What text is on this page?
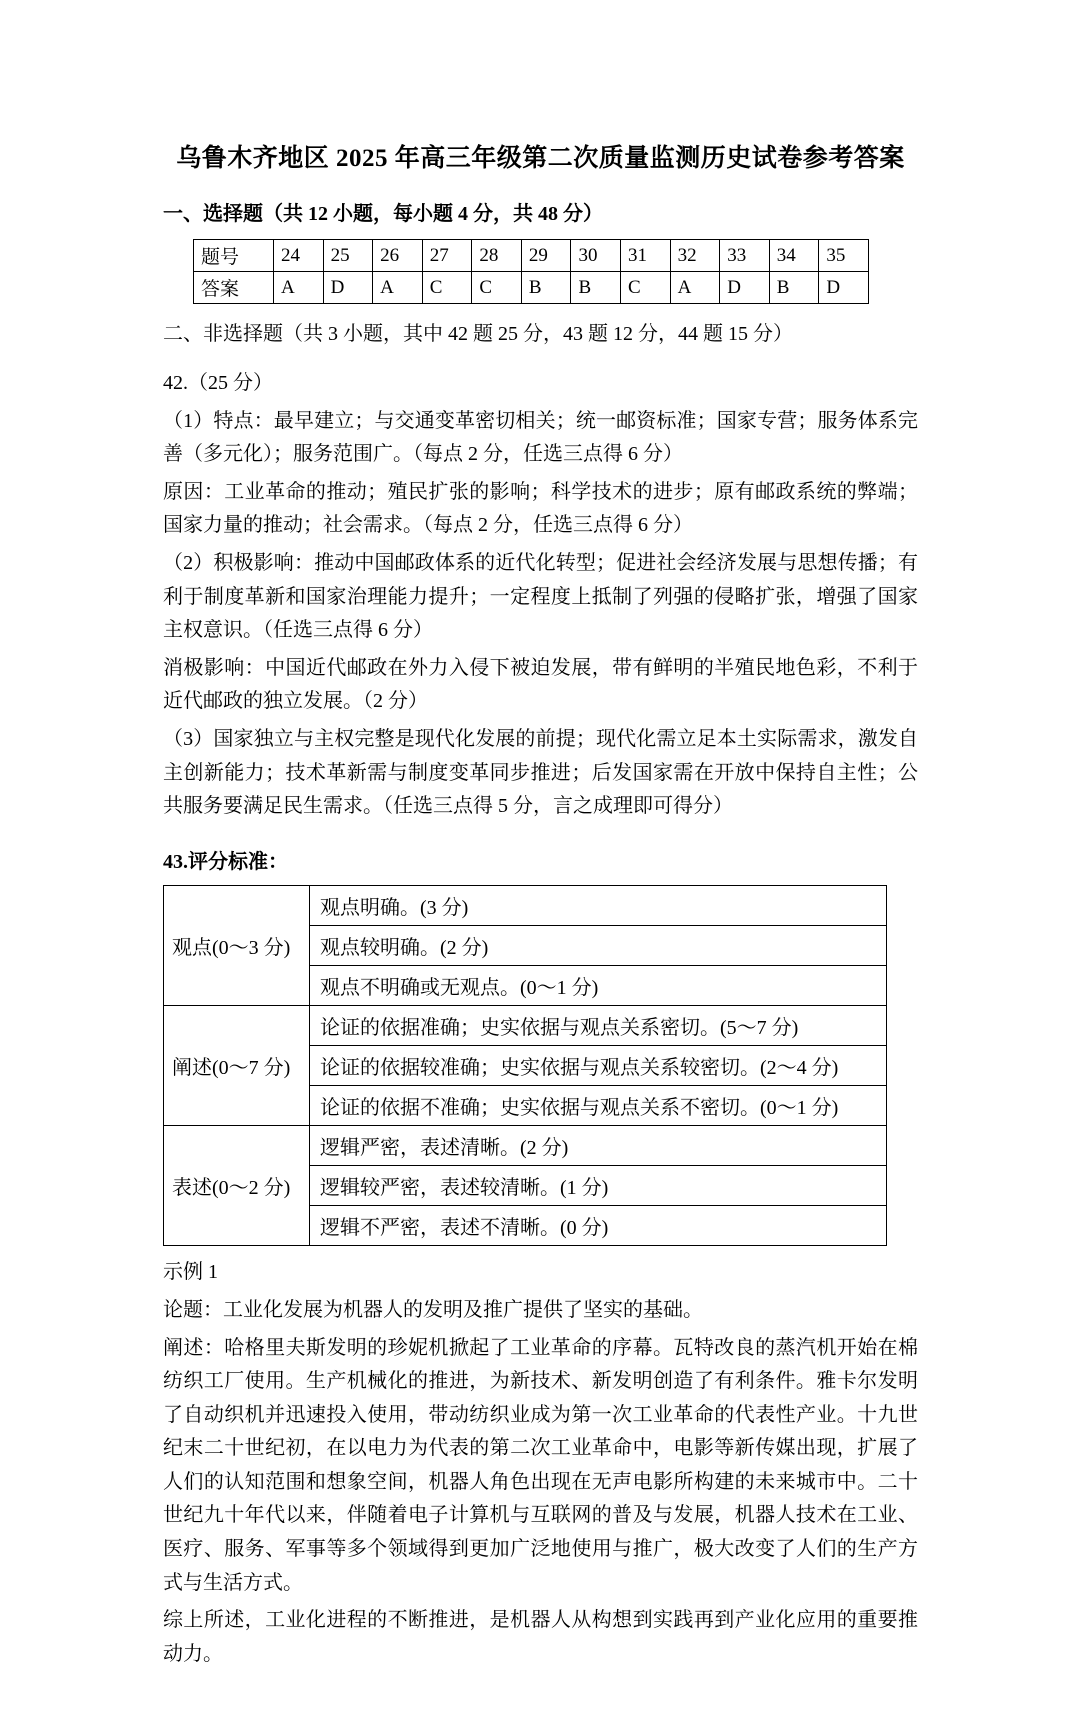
乌鲁木齐地区 2025 年高三年级第二次质量监测历史试卷参考答案

一、选择题（共 12 小题，每小题 4 分，共 48 分）

题号	24	25	26	27	28	29	30	31	32	33	34	35
答案	A	D	A	C	C	B	B	C	A	D	B	D

二、非选择题（共 3 小题，其中 42 题 25 分，43 题 12 分，44 题 15 分）

42.（25 分）

（1）特点：最早建立；与交通变革密切相关；统一邮资标准；国家专营；服务体系完善（多元化）；服务范围广。（每点 2 分，任选三点得 6 分）

原因：工业革命的推动；殖民扩张的影响；科学技术的进步；原有邮政系统的弊端；国家力量的推动；社会需求。（每点 2 分，任选三点得 6 分）

（2）积极影响：推动中国邮政体系的近代化转型；促进社会经济发展与思想传播；有利于制度革新和国家治理能力提升；一定程度上抵制了列强的侵略扩张，增强了国家主权意识。（任选三点得 6 分）

消极影响：中国近代邮政在外力入侵下被迫发展，带有鲜明的半殖民地色彩，不利于近代邮政的独立发展。（2 分）

（3）国家独立与主权完整是现代化发展的前提；现代化需立足本土实际需求，激发自主创新能力；技术革新需与制度变革同步推进；后发国家需在开放中保持自主性；公共服务要满足民生需求。（任选三点得 5 分，言之成理即可得分）

43.评分标准：

观点(0～3 分)	观点明确。(3 分)
	观点较明确。(2 分)
	观点不明确或无观点。(0～1 分)
阐述(0～7 分)	论证的依据准确；史实依据与观点关系密切。(5～7 分)
	论证的依据较准确；史实依据与观点关系较密切。(2～4 分)
	论证的依据不准确；史实依据与观点关系不密切。(0～1 分)
表述(0～2 分)	逻辑严密，表述清晰。(2 分)
	逻辑较严密，表述较清晰。(1 分)
	逻辑不严密，表述不清晰。(0 分)

示例 1

论题：工业化发展为机器人的发明及推广提供了坚实的基础。

阐述：哈格里夫斯发明的珍妮机掀起了工业革命的序幕。瓦特改良的蒸汽机开始在棉纺织工厂使用。生产机械化的推进，为新技术、新发明创造了有利条件。雅卡尔发明了自动织机并迅速投入使用，带动纺织业成为第一次工业革命的代表性产业。十九世纪末二十世纪初，在以电力为代表的第二次工业革命中，电影等新传媒出现，扩展了人们的认知范围和想象空间，机器人角色出现在无声电影所构建的未来城市中。二十世纪九十年代以来，伴随着电子计算机与互联网的普及与发展，机器人技术在工业、医疗、服务、军事等多个领域得到更加广泛地使用与推广，极大改变了人们的生产方式与生活方式。

综上所述，工业化进程的不断推进，是机器人从构想到实践再到产业化应用的重要推动力。
